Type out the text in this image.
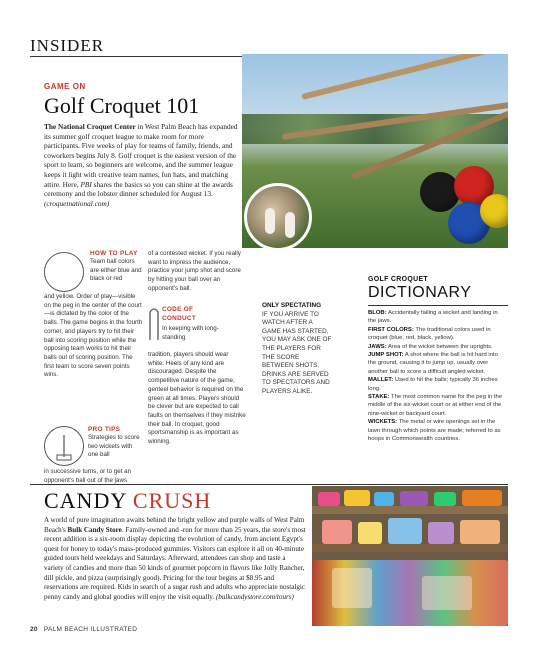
INSIDER
GAME ON
Golf Croquet 101
The National Croquet Center in West Palm Beach has expanded its summer golf croquet league to make room for more participants. Five weeks of play for teams of family, friends, and coworkers begins July 8. Golf croquet is the easiest version of the sport to learn, so beginners are welcome, and the summer league keeps it light with creative team names, fun hats, and matching attire. Here, PBI shares the basics so you can shine at the awards ceremony and the lobster dinner scheduled for August 13. (croquetnational.com)
HOW TO PLAY
Team ball colors are either blue and black or red
and yellow. Order of play—visible on the peg in the center of the court—is dictated by the color of the balls. The game begins in the fourth corner, and players try to hit their ball into scoring position while the opposing team works to hit their balls out of scoring position. The first team to score seven points wins.
PRO TIPS
Strategies to score two wickets with one ball
in successive turns, or to get an opponent's ball out of the jaws
of a contested wicket. If you really want to impress the audience, practice your jump shot and score by hitting your ball over an opponent's ball.
CODE OF CONDUCT
In keeping with long-standing
tradition, players should wear white. Heels of any kind are discouraged. Despite the competitive nature of the game, genteel behavior is required on the green at all times. Players should be clever but are expected to call faults on themselves if they mistrike their ball. In croquet, good sportsmanship is as important as winning.
ONLY SPECTATING
IF YOU ARRIVE TO WATCH AFTER A GAME HAS STARTED, YOU MAY ASK ONE OF THE PLAYERS FOR THE SCORE BETWEEN SHOTS. DRINKS ARE SERVED TO SPECTATORS AND PLAYERS ALIKE.
GOLF CROQUET
DICTIONARY
BLOB: Accidentally failing a wicket and landing in the jaws.
FIRST COLORS: The traditional colors used in croquet (blue, red, black, yellow).
JAWS: Area of the wicket between the uprights.
JUMP SHOT: A shot where the ball is hit hard into the ground, causing it to jump up, usually over another ball to score a difficult angled wicket.
MALLET: Used to hit the balls; typically 36 inches long.
STAKE: The most common name for the peg in the middle of the six-wicket court or at either end of the nine-wicket or backyard court.
WICKETS: The metal or wire openings set in the lawn through which points are made; referred to as hoops in Commonwealth countries.
CANDY CRUSH
A world of pure imagination awaits behind the bright yellow and purple walls of West Palm Beach's Bulk Candy Store. Family-owned and -run for more than 25 years, the store's most recent addition is a six-room display depicting the evolution of candy, from ancient Egypt's quest for honey to today's mass-produced gummies. Visitors can explore it all on 40-minute guided tours held weekdays and Saturdays. Afterward, attendees can shop and taste a variety of candies and more than 50 kinds of gourmet popcorn in flavors like Jolly Rancher, dill pickle, and pizza (surprisingly good). Pricing for the tour begins at $8.95 and reservations are required. Kids in search of a sugar rush and adults who appreciate nostalgic penny candy and global goodies will enjoy the visit equally. (bulkcandystore.com/tours)
20 PALM BEACH ILLUSTRATED
